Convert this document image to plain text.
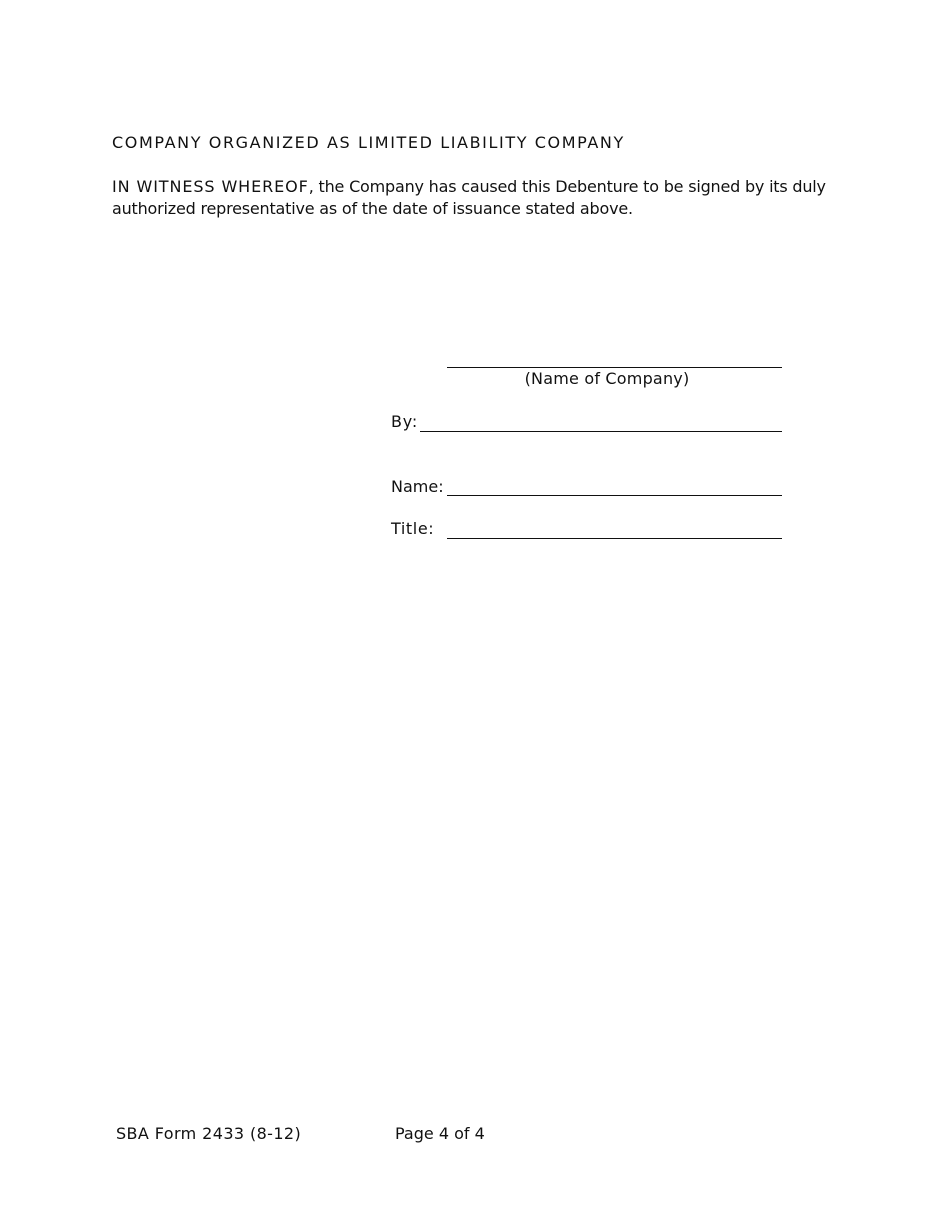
COMPANY ORGANIZED AS LIMITED LIABILITY COMPANY
IN WITNESS WHEREOF, the Company has caused this Debenture to be signed by its duly authorized representative as of the date of issuance stated above.
(Name of Company)
By:
Name:
Title:
SBA Form 2433 (8-12)	Page 4 of 4
